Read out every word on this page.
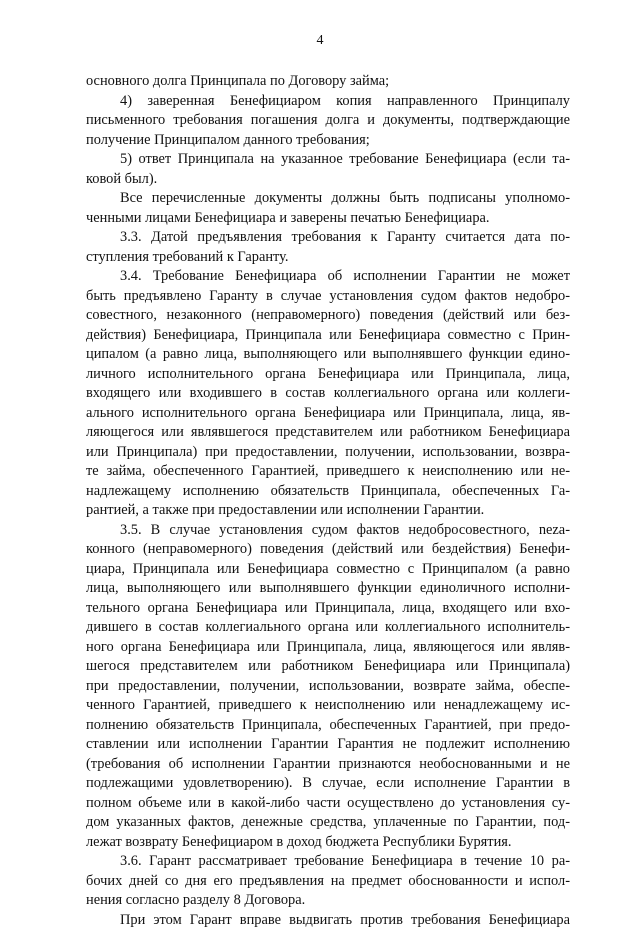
4
основного долга Принципала по Договору займа;
4) заверенная Бенефициаром копия направленного Принципалу
письменного требования погашения долга и документы, подтверждающие
получение Принципалом данного требования;
5) ответ Принципала на указанное требование Бенефициара (если та-
ковой был).
Все перечисленные документы должны быть подписаны уполномо-
ченными лицами Бенефициара и заверены печатью Бенефициара.
3.3. Датой предъявления требования к Гаранту считается дата по-
ступления требований к Гаранту.
3.4. Требование Бенефициара об исполнении Гарантии не может
быть предъявлено Гаранту в случае установления судом фактов недобро-
совестного, незаконного (неправомерного) поведения (действий или без-
действия) Бенефициара, Принципала или Бенефициара совместно с Прин-
ципалом (а равно лица, выполняющего или выполнявшего функции едино-
личного исполнительного органа Бенефициара или Принципала, лица,
входящего или входившего в состав коллегиального органа или коллеги-
ального исполнительного органа Бенефициара или Принципала, лица, яв-
ляющегося или являвшегося представителем или работником Бенефициара
или Принципала) при предоставлении, получении, использовании, возвра-
те займа, обеспеченного Гарантией, приведшего к неисполнению или не-
надлежащему исполнению обязательств Принципала, обеспеченных Га-
рантией, а также при предоставлении или исполнении Гарантии.
3.5. В случае установления судом фактов недобросовестного, neza-
конного (неправомерного) поведения (действий или бездействия) Бенефи-
циара, Принципала или Бенефициара совместно с Принципалом (а равно
лица, выполняющего или выполнявшего функции единоличного исполни-
тельного органа Бенефициара или Принципала, лица, входящего или вхо-
дившего в состав коллегиального органа или коллегиального исполнитель-
ного органа Бенефициара или Принципала, лица, являющегося или являв-
шегося представителем или работником Бенефициара или Принципала)
при предоставлении, получении, использовании, возврате займа, обеспе-
ченного Гарантией, приведшего к неисполнению или ненадлежащему ис-
полнению обязательств Принципала, обеспеченных Гарантией, при предо-
ставлении или исполнении Гарантии Гарантия не подлежит исполнению
(требования об исполнении Гарантии признаются необоснованными и не
подлежащими удовлетворению). В случае, если исполнение Гарантии в
полном объеме или в какой-либо части осуществлено до установления су-
дом указанных фактов, денежные средства, уплаченные по Гарантии, под-
лежат возврату Бенефициаром в доход бюджета Республики Бурятия.
3.6. Гарант рассматривает требование Бенефициара в течение 10 ра-
бочих дней со дня его предъявления на предмет обоснованности и испол-
нения согласно разделу 8 Договора.
При этом Гарант вправе выдвигать против требования Бенефициара
